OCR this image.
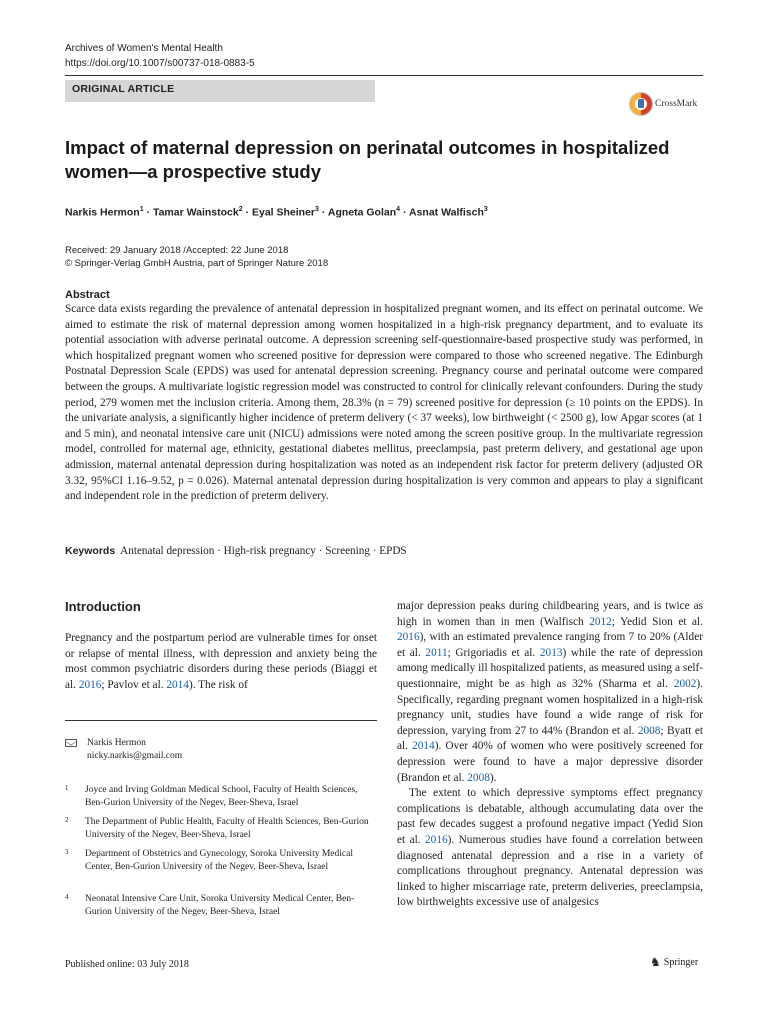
Archives of Women's Mental Health
https://doi.org/10.1007/s00737-018-0883-5
ORIGINAL ARTICLE
CrossMark
Impact of maternal depression on perinatal outcomes in hospitalized women—a prospective study
Narkis Hermon$^1$ · Tamar Wainstock$^2$ · Eyal Sheiner$^3$ · Agneta Golan$^4$ · Asnat Walfisch$^3$
Received: 29 January 2018 /Accepted: 22 June 2018
© Springer-Verlag GmbH Austria, part of Springer Nature 2018
Abstract
Scarce data exists regarding the prevalence of antenatal depression in hospitalized pregnant women, and its effect on perinatal outcome. We aimed to estimate the risk of maternal depression among women hospitalized in a high-risk pregnancy department, and to evaluate its potential association with adverse perinatal outcome. A depression screening self-questionnaire-based prospective study was performed, in which hospitalized pregnant women who screened positive for depression were compared to those who screened negative. The Edinburgh Postnatal Depression Scale (EPDS) was used for antenatal depression screening. Pregnancy course and perinatal outcome were compared between the groups. A multivariate logistic regression model was constructed to control for clinically relevant confounders. During the study period, 279 women met the inclusion criteria. Among them, 28.3% (n = 79) screened positive for depression (≥ 10 points on the EPDS). In the univariate analysis, a significantly higher incidence of preterm delivery (< 37 weeks), low birthweight (< 2500 g), low Apgar scores (at 1 and 5 min), and neonatal intensive care unit (NICU) admissions were noted among the screen positive group. In the multivariate regression model, controlled for maternal age, ethnicity, gestational diabetes mellitus, preeclampsia, past preterm delivery, and gestational age upon admission, maternal antenatal depression during hospitalization was noted as an independent risk factor for preterm delivery (adjusted OR 3.32, 95%CI 1.16–9.52, p = 0.026). Maternal antenatal depression during hospitalization is very common and appears to play a significant and independent role in the prediction of preterm delivery.
Keywords Antenatal depression · High-risk pregnancy · Screening · EPDS
Introduction

Pregnancy and the postpartum period are vulnerable times for onset or relapse of mental illness, with depression and anxiety being the most common psychiatric disorders during these periods (Biaggi et al. 2016; Pavlov et al. 2014). The risk of

major depression peaks during childbearing years, and is twice as high in women than in men (Walfisch 2012; Yedid Sion et al. 2016), with an estimated prevalence ranging from 7 to 20% (Alder et al. 2011; Grigoriadis et al. 2013) while the rate of depression among medically ill hospitalized patients, as measured using a self-questionnaire, might be as high as 32% (Sharma et al. 2002). Specifically, regarding pregnant women hospitalized in a high-risk pregnancy unit, studies have found a wide range of risk for depression, varying from 27 to 44% (Brandon et al. 2008; Byatt et al. 2014). Over 40% of women who were positively screened for depression were found to have a major depressive disorder (Brandon et al. 2008).

The extent to which depressive symptoms effect pregnancy complications is debatable, although accumulating data over the past few decades suggest a profound negative impact (Yedid Sion et al. 2016). Numerous studies have found a correlation between diagnosed antenatal depression and a rise in a variety of complications throughout pregnancy. Antenatal depression was linked to higher miscarriage rate, preterm deliveries, preeclampsia, low birthweights excessive use of analgesics

Narkis Hermon
nicky.narkis@gmail.com
1 Joyce and Irving Goldman Medical School, Faculty of Health Sciences, Ben-Gurion University of the Negev, Beer-Sheva, Israel
2 The Department of Public Health, Faculty of Health Sciences, Ben-Gurion University of the Negev, Beer-Sheva, Israel
3 Department of Obstetrics and Gynecology, Soroka University Medical Center, Ben-Gurion University of the Negev, Beer-Sheva, Israel
4 Neonatal Intensive Care Unit, Soroka University Medical Center, Ben-Gurion University of the Negev, Beer-Sheva, Israel
Published online: 03 July 2018	♞ Springer
